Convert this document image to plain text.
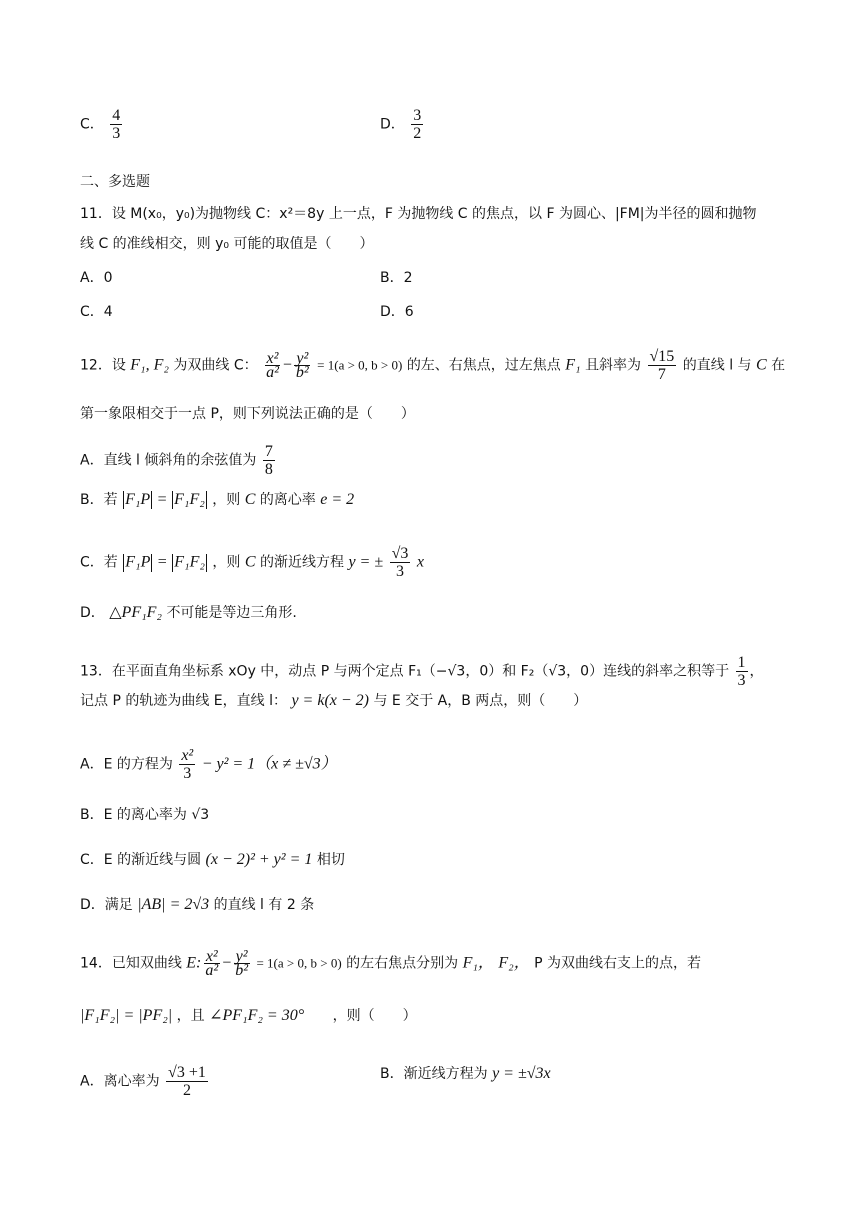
C． $\frac{4}{3}$	D． $\frac{3}{2}$
二、多选题
11．设 M(x₀，y₀)为抛物线 C：x²＝8y 上一点，F 为抛物线 C 的焦点，以 F 为圆心、|FM|为半径的圆和抛物
线 C 的准线相交，则 y₀ 可能的取值是（　　）
A．0	B．2
C．4	D．6
12．设 F₁, F₂ 为双曲线 C： $\frac{\text{x²}}{\text{a²}} - \frac{\text{y²}}{\text{b²}} = 1(a > 0$, b > 0) 的左、右焦点，过左焦点 F₁ 且斜率为 $\frac{√15}{7}$ 的直线 l 与 C 在
第一象限相交于一点 P，则下列说法正确的是（　　）
A．直线 l 倾斜角的余弦值为 $\frac{7}{8}$
B．若 F₁P = F₁F₂ ，则 C 的离心率 e = 2
C．若 F₁P = F₁F₂ ，则 C 的渐近线方程 y = ± $\frac{√3}{3}$ x
D． △PF₁F₂ 不可能是等边三角形.
13．在平面直角坐标系 xOy 中，动点 P 与两个定点 F₁（−√3，0）和 F₂（√3，0）连线的斜率之积等于 $\frac{1}{3}$ ，
记点 P 的轨迹为曲线 E，直线 l： y = k(x − 2) 与 E 交于 A，B 两点，则（　　）
A．E 的方程为 $\frac{\text{x²}}{3} - y^2 = 1(x \ne \pm√3)$
B．E 的离心率为 √3
C．E 的渐近线与圆 (x − 2)² + y² = 1 相切
D．满足 |AB| = 2√3 的直线 l 有 2 条
14．已知双曲线 E: $\frac{\text{x²}}{\text{a²}} - \frac{\text{y²}}{\text{b²}} = 1(a > 0$, b > 0) 的左右焦点分别为 F₁， F₂， P 为双曲线右支上的点，若
|F₁F₂| = |PF₂| ，且 ∠PF₁F₂ = 30° ，则（　　）
A．离心率为 $\frac{√3 +1}{2}$	B．渐近线方程为 y = ±√3x
